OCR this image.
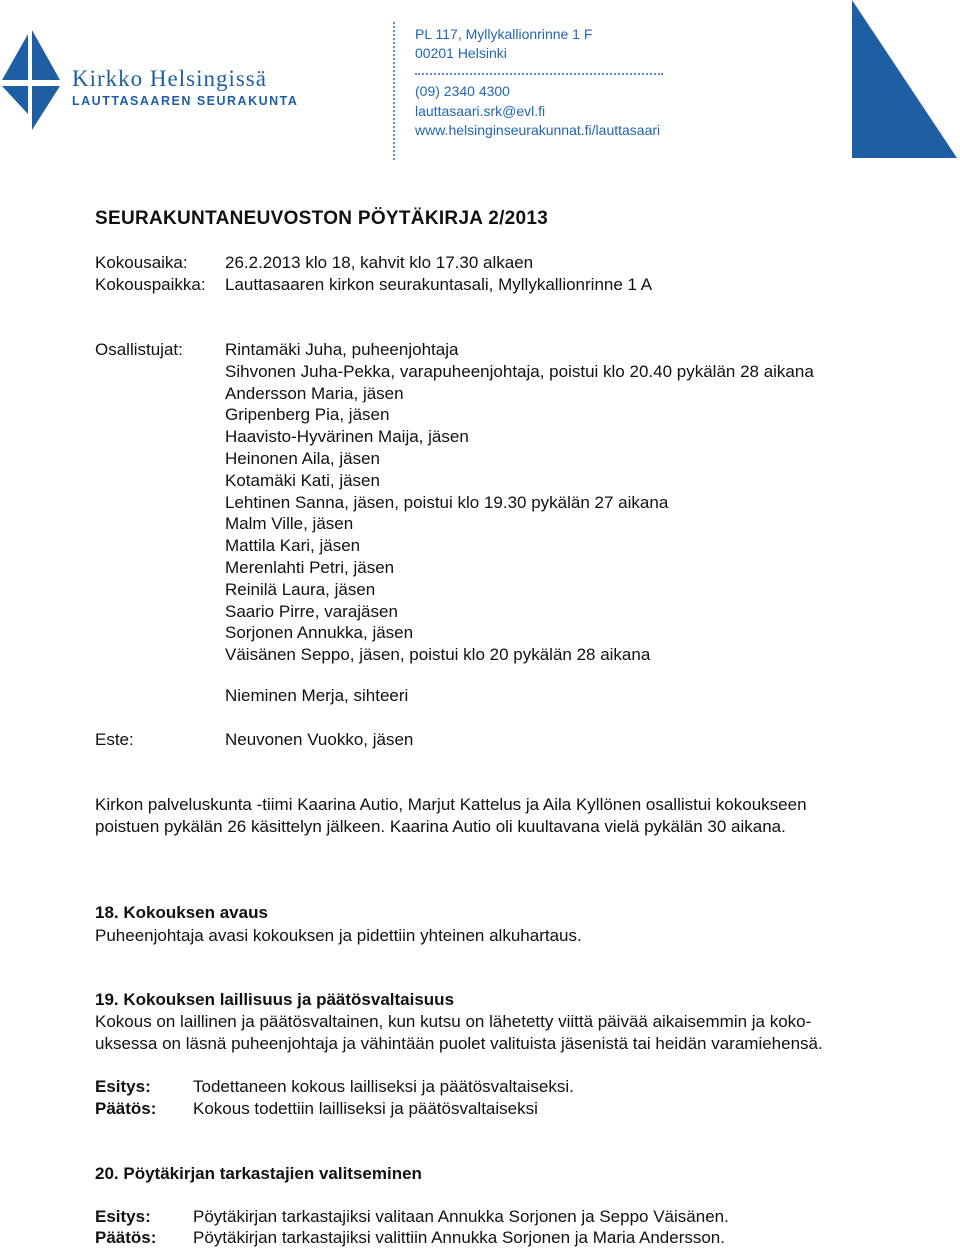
Kirkko Helsingissä
LAUTTASAAREN SEURAKUNTA
PL 117, Myllykallionrinne 1 F
00201 Helsinki
(09) 2340 4300
lauttasaari.srk@evl.fi
www.helsinginseurakunnat.fi/lauttasaari
SEURAKUNTANEUVOSTON PÖYTÄKIRJA 2/2013
Kokousaika: 26.2.2013 klo 18, kahvit klo 17.30 alkaen
Kokouspaikka: Lauttasaaren kirkon seurakuntasali, Myllykallionrinne 1 A
Osallistujat: Rintamäki Juha, puheenjohtaja
Sihvonen Juha-Pekka, varapuheenjohtaja, poistui klo 20.40 pykälän 28 aikana
Andersson Maria, jäsen
Gripenberg Pia, jäsen
Haavisto-Hyvärinen Maija, jäsen
Heinonen Aila, jäsen
Kotamäki Kati, jäsen
Lehtinen Sanna, jäsen, poistui klo 19.30 pykälän 27 aikana
Malm Ville, jäsen
Mattila Kari, jäsen
Merenlahti Petri, jäsen
Reinilä Laura, jäsen
Saario Pirre, varajäsen
Sorjonen Annukka, jäsen
Väisänen Seppo, jäsen, poistui klo 20 pykälän 28 aikana
Nieminen Merja, sihteeri
Este:	Neuvonen Vuokko, jäsen
Kirkon palveluskunta -tiimi Kaarina Autio, Marjut Kattelus ja Aila Kyllönen osallistui kokoukseen
poistuen pykälän 26 käsittelyn jälkeen. Kaarina Autio oli kuultavana vielä pykälän 30 aikana.
18. Kokouksen avaus
Puheenjohtaja avasi kokouksen ja pidettiin yhteinen alkuhartaus.
19. Kokouksen laillisuus ja päätösvaltaisuus
Kokous on laillinen ja päätösvaltainen, kun kutsu on lähetetty viittä päivää aikaisemmin ja koko-
uksessa on läsnä puheenjohtaja ja vähintään puolet valituista jäsenistä tai heidän varamiehensä.
Esitys: Todettaneen kokous lailliseksi ja päätösvaltaiseksi.
Päätös: Kokous todettiin lailliseksi ja päätösvaltaiseksi
20. Pöytäkirjan tarkastajien valitseminen
Esitys: Pöytäkirjan tarkastajiksi valitaan Annukka Sorjonen ja Seppo Väisänen.
Päätös: Pöytäkirjan tarkastajiksi valittiin Annukka Sorjonen ja Maria Andersson.
